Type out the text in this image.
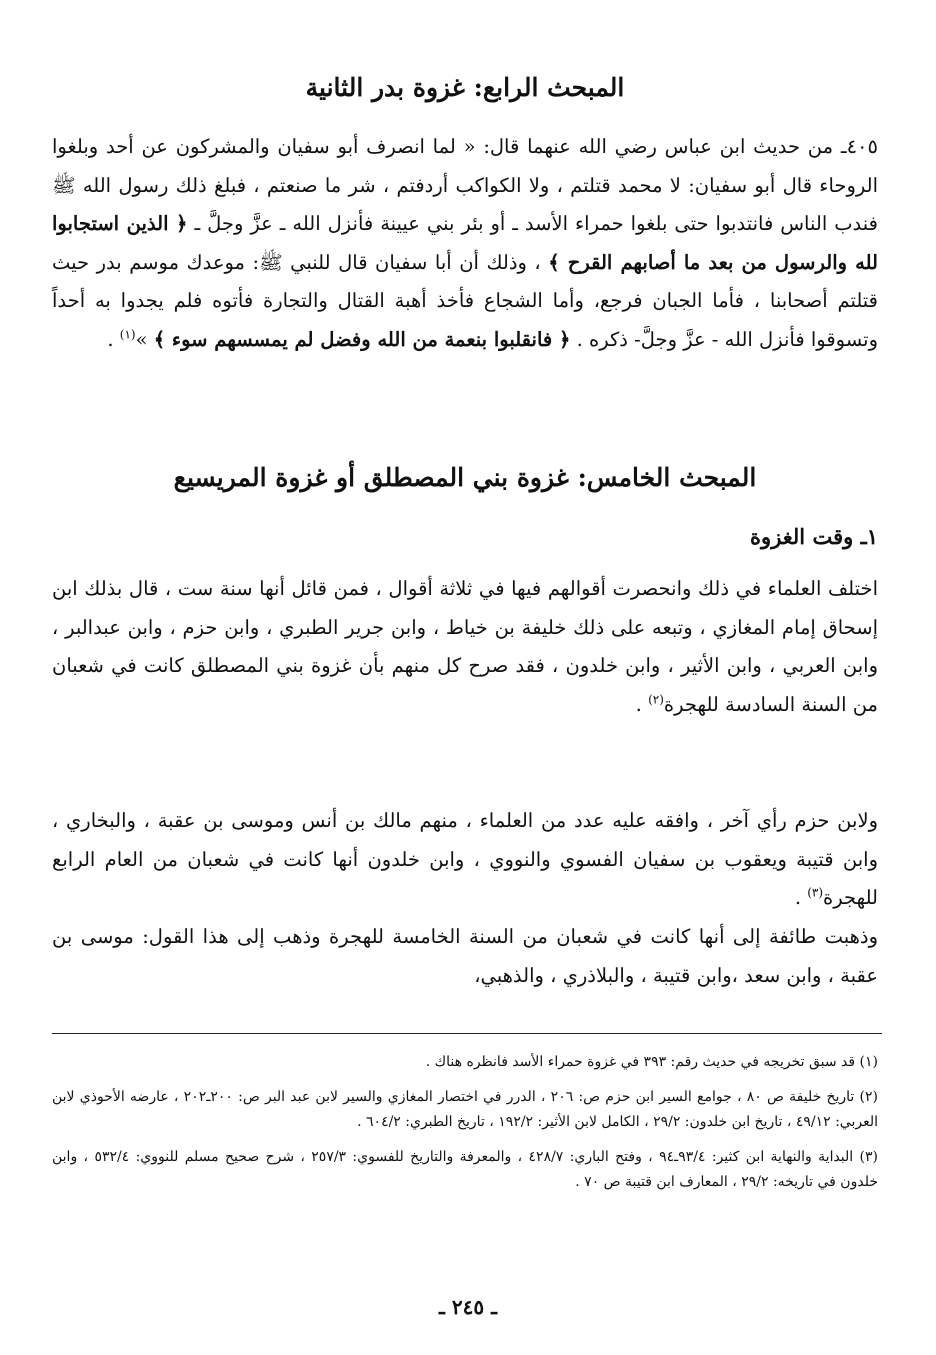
المبحث الرابع: غزوة بدر الثانية

٤٠٥ـ من حديث ابن عباس رضي الله عنهما قال: « لما انصرف أبو سفيان والمشركون عن أحد وبلغوا الروحاء قال أبو سفيان: لا محمد قتلتم ، ولا الكواكب أردفتم ، شر ما صنعتم ، فبلغ ذلك رسول الله ﷺ فندب الناس فانتدبوا حتى بلغوا حمراء الأسد ـ أو بئر بني عيينة فأنزل الله ـ عزَّ وجلَّ ـ ﴿ الذين استجابوا لله والرسول من بعد ما أصابهم القرح ﴾ ، وذلك أن أبا سفيان قال للنبي ﷺ: موعدك موسم بدر حيث قتلتم أصحابنا ، فأما الجبان فرجع، وأما الشجاع فأخذ أهبة القتال والتجارة فأتوه فلم يجدوا به أحداً وتسوقوا فأنزل الله - عزَّ وجلَّ- ذكره . ﴿ فانقلبوا بنعمة من الله وفضل لم يمسسهم سوء ﴾ »$^{(١)}$ .

المبحث الخامس: غزوة بني المصطلق أو غزوة المريسيع
١ـ وقت الغزوة

اختلف العلماء في ذلك وانحصرت أقوالهم فيها في ثلاثة أقوال ، فمن قائل أنها سنة ست ، قال بذلك ابن إسحاق إمام المغازي ، وتبعه على ذلك خليفة بن خياط ، وابن جرير الطبري ، وابن حزم ، وابن عبدالبر ، وابن العربي ، وابن الأثير ، وابن خلدون ، فقد صرح كل منهم بأن غزوة بني المصطلق كانت في شعبان من السنة السادسة للهجرة$^{(٢)}$ .

ولابن حزم رأي آخر ، وافقه عليه عدد من العلماء ، منهم مالك بن أنس وموسى بن عقبة ، والبخاري ، وابن قتيبة ويعقوب بن سفيان الفسوي والنووي ، وابن خلدون أنها كانت في شعبان من العام الرابع للهجرة$^{(٣)}$ .

وذهبت طائفة إلى أنها كانت في شعبان من السنة الخامسة للهجرة وذهب إلى هذا القول: موسى بن عقبة ، وابن سعد ،وابن قتيبة ، والبلاذري ، والذهبي،

(١) قد سبق تخريجه في حديث رقم: ٣٩٣ في غزوة حمراء الأسد فانظره هناك .

(٢) تاريخ خليفة ص ٨٠ ، جوامع السير ابن حزم ص: ٢٠٦ ، الدرر في اختصار المغازي والسير لابن عبد البر ص: ٢٠٠ـ٢٠٢ ، عارضه الأحوذي لابن العربي: ٤٩/١٢ ، تاريخ ابن خلدون: ٢٩/٢ ، الكامل لابن الأثير: ١٩٢/٢ ، تاريخ الطبري: ٦٠٤/٢ .

(٣) البداية والنهاية ابن كثير: ٩٣/٤ـ٩٤ ، وفتح الباري: ٤٢٨/٧ ، والمعرفة والتاريخ للفسوي: ٢٥٧/٣ ، شرح صحيح مسلم للنووي: ٥٣٢/٤ ، وابن خلدون في تاريخه: ٢٩/٢ ، المعارف ابن قتيبة ص ٧٠ .

ـ ٢٤٥ ـ
